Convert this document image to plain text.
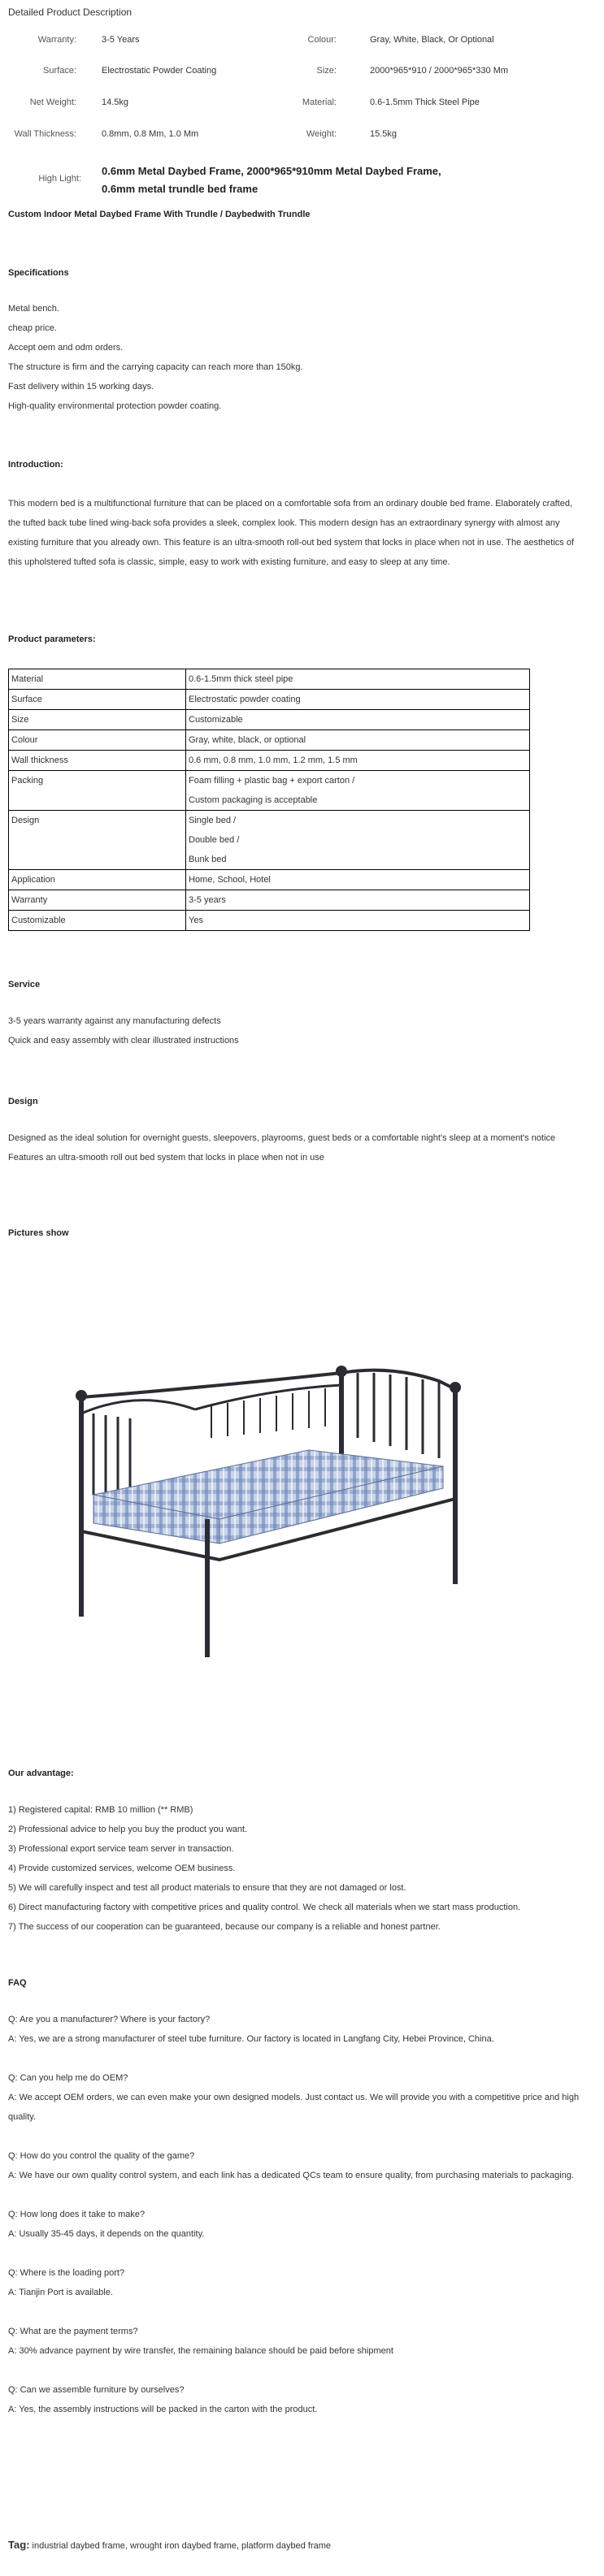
Detailed Product Description
Warranty:	3-5 Years	Colour:	Gray, White, Black, Or Optional
Surface:	Electrostatic Powder Coating	Size:	2000*965*910 / 2000*965*330 Mm
Net Weight:	14.5kg	Material:	0.6-1.5mm Thick Steel Pipe
Wall Thickness:	0.8mm, 0.8 Mm, 1.0 Mm	Weight:	15.5kg
High Light:
0.6mm Metal Daybed Frame, 2000*965*910mm Metal Daybed Frame,
0.6mm metal trundle bed frame
Custom Indoor Metal Daybed Frame With Trundle / Daybedwith Trundle
Specifications
Metal bench.
cheap price.
Accept oem and odm orders.
The structure is firm and the carrying capacity can reach more than 150kg.
Fast delivery within 15 working days.
High-quality environmental protection powder coating.
Introduction:
This modern bed is a multifunctional furniture that can be placed on a comfortable sofa from an ordinary double bed frame. Elaborately crafted, the tufted back tube lined wing-back sofa provides a sleek, complex look. This modern design has an extraordinary synergy with almost any existing furniture that you already own. This feature is an ultra-smooth roll-out bed system that locks in place when not in use. The aesthetics of this upholstered tufted sofa is classic, simple, easy to work with existing furniture, and easy to sleep at any time.
Product parameters:
Material	0.6-1.5mm thick steel pipe

Surface	Electrostatic powder coating

Size	Customizable

Colour	Gray, white, black, or optional

Wall thickness	0.6 mm, 0.8 mm, 1.0 mm, 1.2 mm, 1.5 mm

Packing	Foam filling + plastic bag + export carton /
Custom packaging is acceptable

Design	Single bed /
Double bed /
Bunk bed

Application	Home, School, Hotel

Warranty	3-5 years

Customizable	Yes
Service
3-5 years warranty against any manufacturing defects
Quick and easy assembly with clear illustrated instructions
Design
Designed as the ideal solution for overnight guests, sleepovers, playrooms, guest beds or a comfortable night's sleep at a moment's notice
Features an ultra-smooth roll out bed system that locks in place when not in use
Pictures show
Our advantage:
1) Registered capital: RMB 10 million (** RMB)
2) Professional advice to help you buy the product you want.
3) Professional export service team server in transaction.
4) Provide customized services, welcome OEM business.
5) We will carefully inspect and test all product materials to ensure that they are not damaged or lost.
6) Direct manufacturing factory with competitive prices and quality control. We check all materials when we start mass production.
7) The success of our cooperation can be guaranteed, because our company is a reliable and honest partner.
FAQ
Q: Are you a manufacturer? Where is your factory?
A: Yes, we are a strong manufacturer of steel tube furniture. Our factory is located in Langfang City, Hebei Province, China.
Q: Can you help me do OEM?
A: We accept OEM orders, we can even make your own designed models. Just contact us. We will provide you with a competitive price and high quality.
Q: How do you control the quality of the game?
A: We have our own quality control system, and each link has a dedicated QCs team to ensure quality, from purchasing materials to packaging.
Q: How long does it take to make?
A: Usually 35-45 days, it depends on the quantity.
Q: Where is the loading port?
A: Tianjin Port is available.
Q: What are the payment terms?
A: 30% advance payment by wire transfer, the remaining balance should be paid before shipment
Q: Can we assemble furniture by ourselves?
A: Yes, the assembly instructions will be packed in the carton with the product.
Tag: industrial daybed frame, wrought iron daybed frame, platform daybed frame
